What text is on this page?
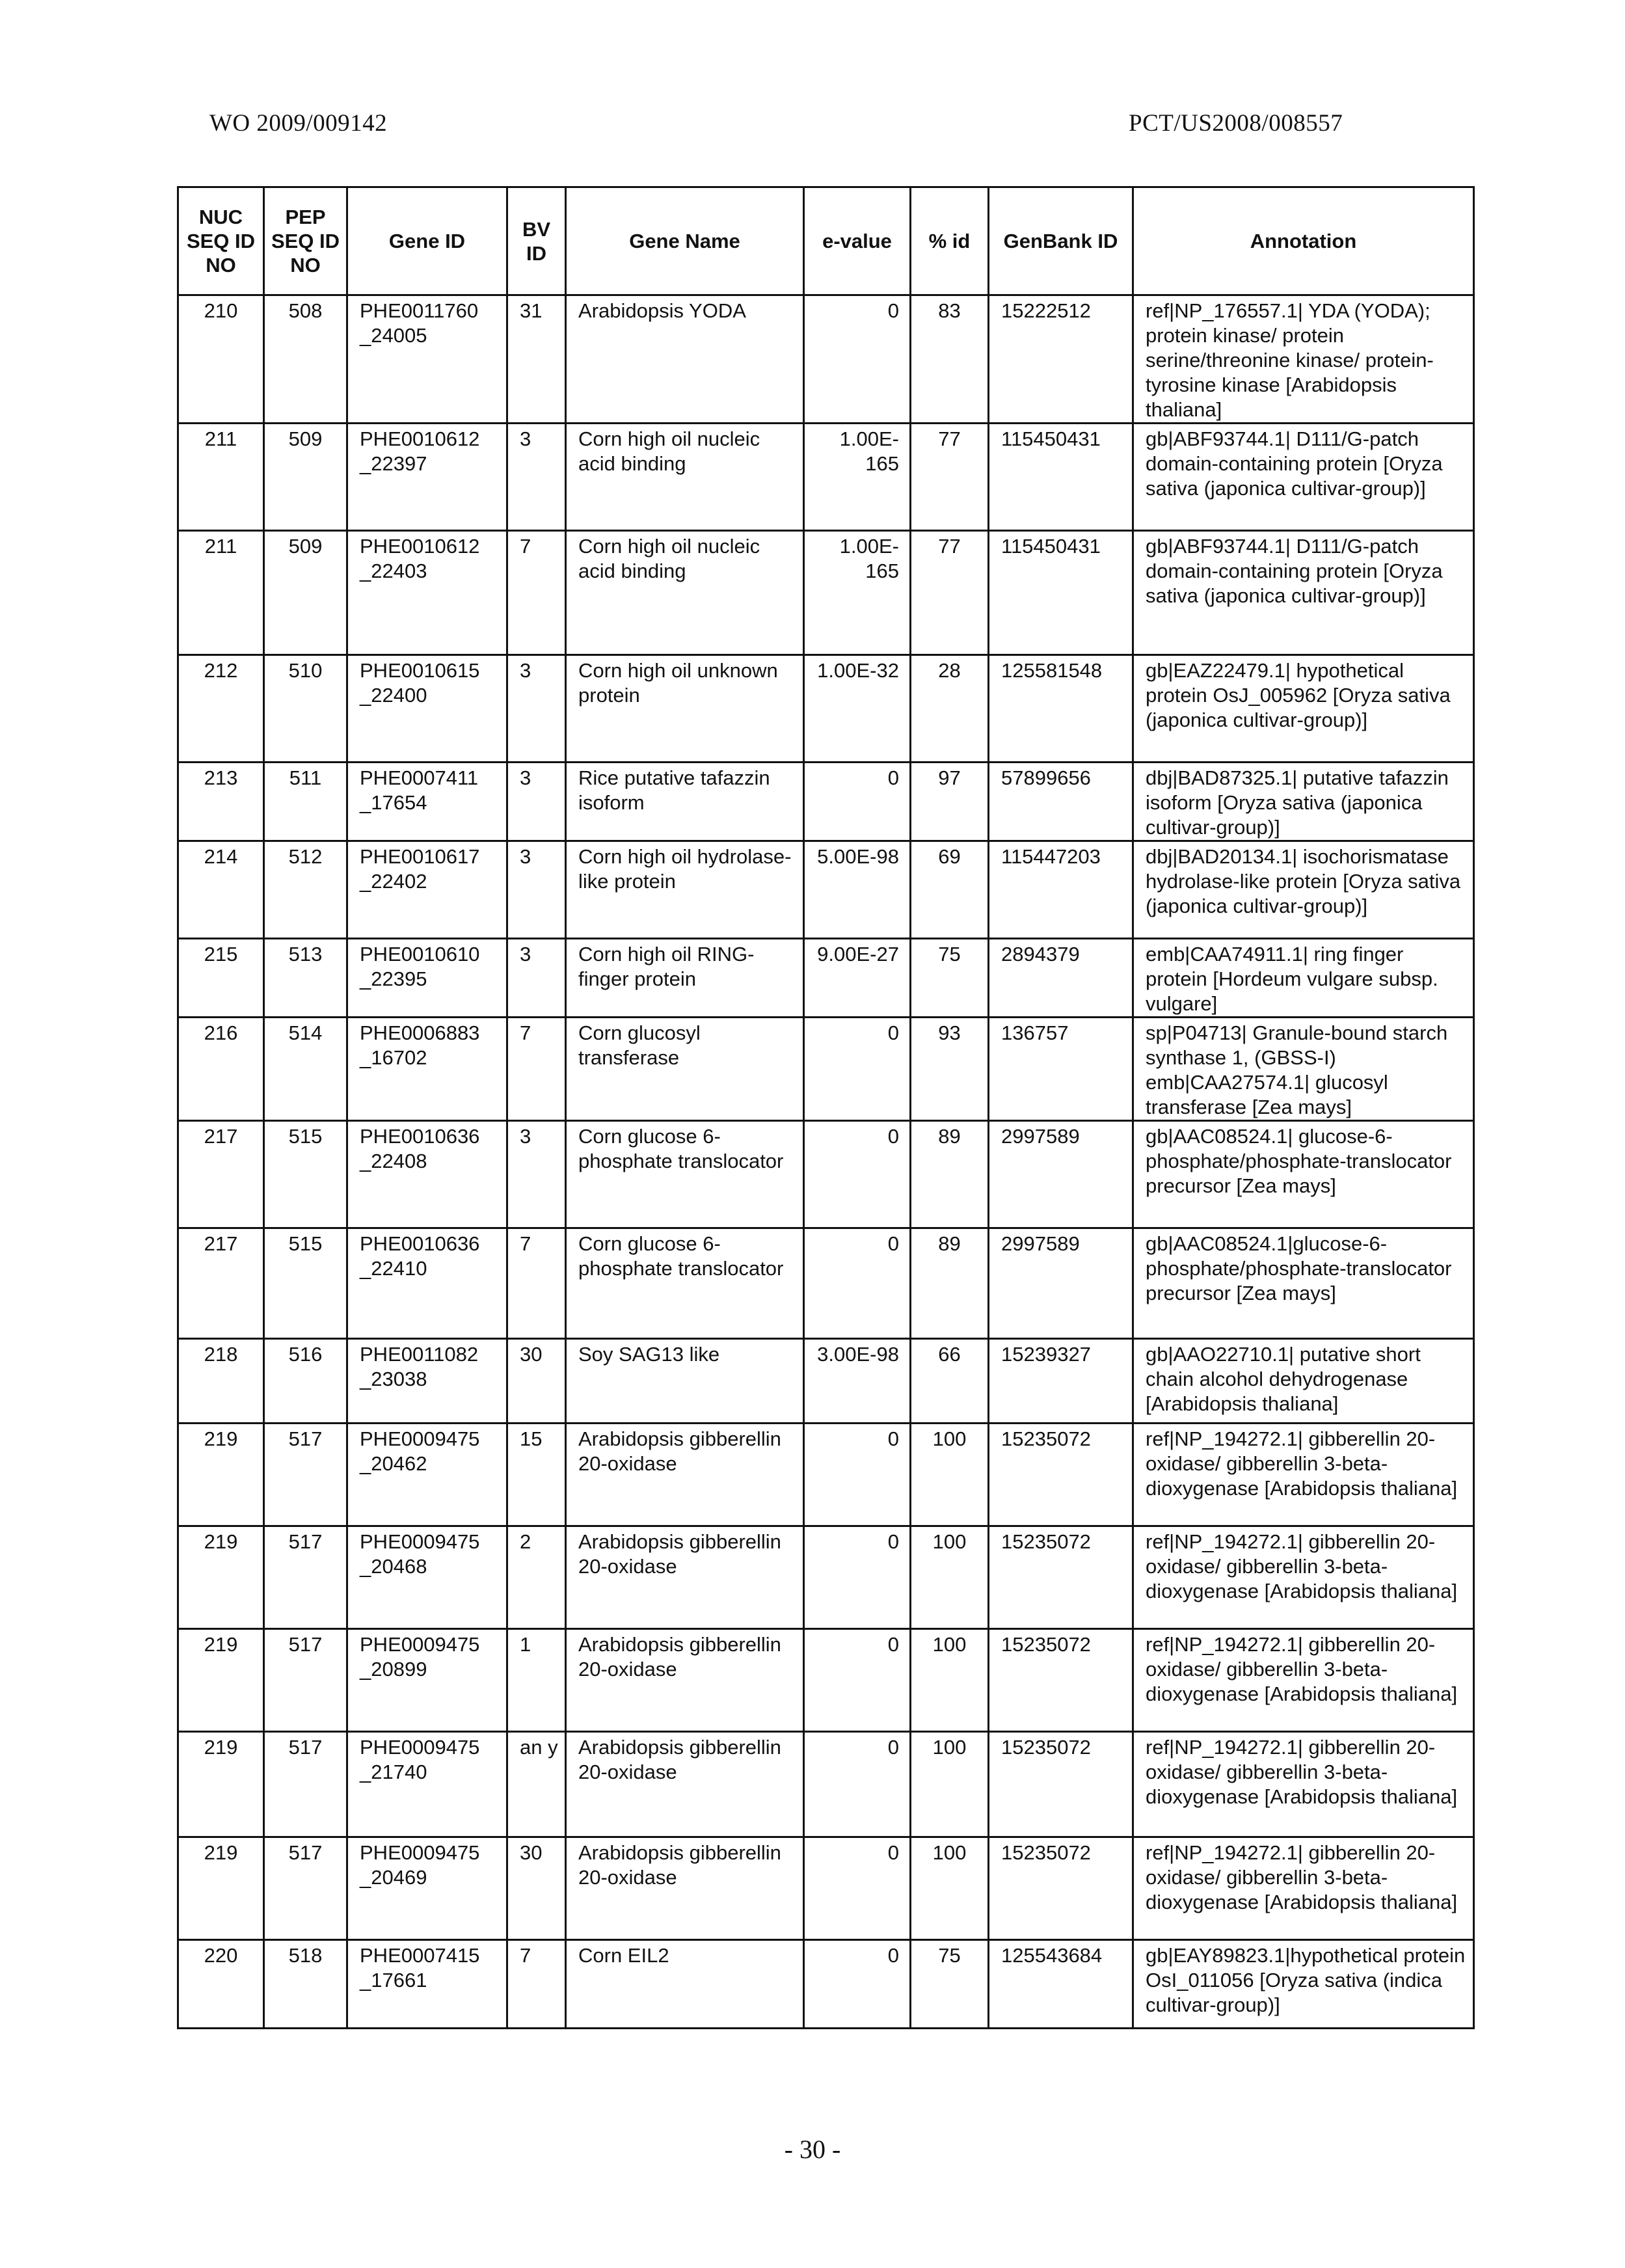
WO 2009/009142	PCT/US2008/008557
NUC SEQ ID NO	PEP SEQ ID NO	Gene ID	BV ID	Gene Name	e-value	% id	GenBank ID	Annotation
210	508	PHE0011760 _24005	31	Arabidopsis YODA	0	83	15222512	ref|NP_176557.1| YDA (YODA); protein kinase/ protein serine/threonine kinase/ protein-tyrosine kinase [Arabidopsis thaliana]
211	509	PHE0010612 _22397	3	Corn high oil nucleic acid binding	1.00E-165	77	115450431	gb|ABF93744.1| D111/G-patch domain-containing protein [Oryza sativa (japonica cultivar-group)]
211	509	PHE0010612 _22403	7	Corn high oil nucleic acid binding	1.00E-165	77	115450431	gb|ABF93744.1| D111/G-patch domain-containing protein [Oryza sativa (japonica cultivar-group)]
212	510	PHE0010615 _22400	3	Corn high oil unknown protein	1.00E-32	28	125581548	gb|EAZ22479.1| hypothetical protein OsJ_005962 [Oryza sativa (japonica cultivar-group)]
213	511	PHE0007411 _17654	3	Rice putative tafazzin isoform	0	97	57899656	dbj|BAD87325.1| putative tafazzin isoform [Oryza sativa (japonica cultivar-group)]
214	512	PHE0010617 _22402	3	Corn high oil hydrolase-like protein	5.00E-98	69	115447203	dbj|BAD20134.1| isochorismatase hydrolase-like protein [Oryza sativa (japonica cultivar-group)]
215	513	PHE0010610 _22395	3	Corn high oil RING-finger protein	9.00E-27	75	2894379	emb|CAA74911.1| ring finger protein [Hordeum vulgare subsp. vulgare]
216	514	PHE0006883 _16702	7	Corn glucosyl transferase	0	93	136757	sp|P04713| Granule-bound starch synthase 1, (GBSS-I) emb|CAA27574.1| glucosyl transferase [Zea mays]
217	515	PHE0010636 _22408	3	Corn glucose 6-phosphate translocator	0	89	2997589	gb|AAC08524.1| glucose-6-phosphate/phosphate-translocator precursor [Zea mays]
217	515	PHE0010636 _22410	7	Corn glucose 6-phosphate translocator	0	89	2997589	gb|AAC08524.1|glucose-6-phosphate/phosphate-translocator precursor [Zea mays]
218	516	PHE0011082 _23038	30	Soy SAG13 like	3.00E-98	66	15239327	gb|AAO22710.1| putative short chain alcohol dehydrogenase [Arabidopsis thaliana]
219	517	PHE0009475 _20462	15	Arabidopsis gibberellin 20-oxidase	0	100	15235072	ref|NP_194272.1| gibberellin 20-oxidase/ gibberellin 3-beta-dioxygenase [Arabidopsis thaliana]
219	517	PHE0009475 _20468	2	Arabidopsis gibberellin 20-oxidase	0	100	15235072	ref|NP_194272.1| gibberellin 20-oxidase/ gibberellin 3-beta-dioxygenase [Arabidopsis thaliana]
219	517	PHE0009475 _20899	1	Arabidopsis gibberellin 20-oxidase	0	100	15235072	ref|NP_194272.1| gibberellin 20-oxidase/ gibberellin 3-beta-dioxygenase [Arabidopsis thaliana]
219	517	PHE0009475 _21740	an y	Arabidopsis gibberellin 20-oxidase	0	100	15235072	ref|NP_194272.1| gibberellin 20-oxidase/ gibberellin 3-beta-dioxygenase [Arabidopsis thaliana]
219	517	PHE0009475 _20469	30	Arabidopsis gibberellin 20-oxidase	0	100	15235072	ref|NP_194272.1| gibberellin 20-oxidase/ gibberellin 3-beta-dioxygenase [Arabidopsis thaliana]
220	518	PHE0007415 _17661	7	Corn EIL2	0	75	125543684	gb|EAY89823.1|hypothetical protein OsI_011056 [Oryza sativa (indica cultivar-group)]
- 30 -
